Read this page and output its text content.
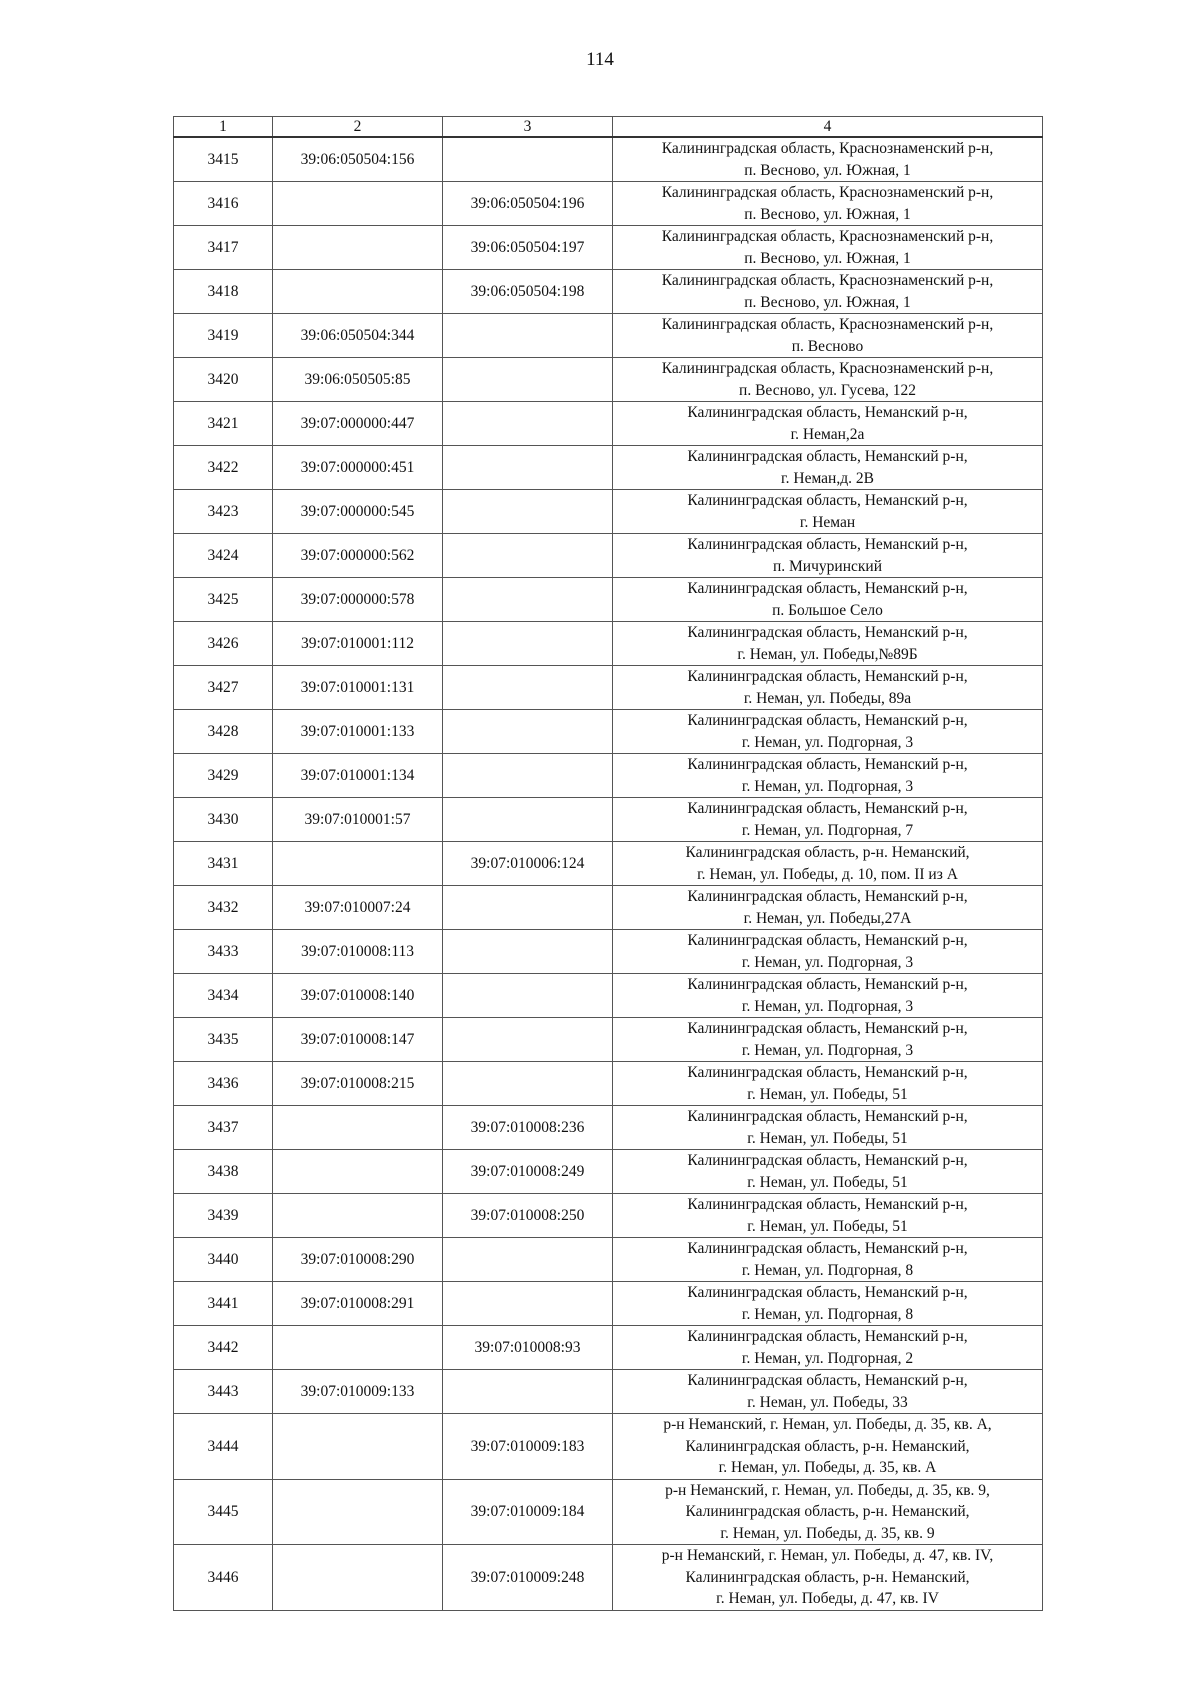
114
1	2	3	4
3415	39:06:050504:156		Калининградская область, Краснознаменский р-н,
п. Весново, ул. Южная, 1

3416		39:06:050504:196	Калининградская область, Краснознаменский р-н,
п. Весново, ул. Южная, 1

3417		39:06:050504:197	Калининградская область, Краснознаменский р-н,
п. Весново, ул. Южная, 1

3418		39:06:050504:198	Калининградская область, Краснознаменский р-н,
п. Весново, ул. Южная, 1

3419	39:06:050504:344		Калининградская область, Краснознаменский р-н,
п. Весново

3420	39:06:050505:85		Калининградская область, Краснознаменский р-н,
п. Весново, ул. Гусева, 122

3421	39:07:000000:447		Калининградская область, Неманский р-н,
г. Неман,2а

3422	39:07:000000:451		Калининградская область, Неманский р-н,
г. Неман,д. 2В

3423	39:07:000000:545		Калининградская область, Неманский р-н,
г. Неман

3424	39:07:000000:562		Калининградская область, Неманский р-н,
п. Мичуринский

3425	39:07:000000:578		Калининградская область, Неманский р-н,
п. Большое Село

3426	39:07:010001:112		Калининградская область, Неманский р-н,
г. Неман, ул. Победы,№89Б

3427	39:07:010001:131		Калининградская область, Неманский р-н,
г. Неман, ул. Победы, 89а

3428	39:07:010001:133		Калининградская область, Неманский р-н,
г. Неман, ул. Подгорная, 3

3429	39:07:010001:134		Калининградская область, Неманский р-н,
г. Неман, ул. Подгорная, 3

3430	39:07:010001:57		Калининградская область, Неманский р-н,
г. Неман, ул. Подгорная, 7

3431		39:07:010006:124	Калининградская область, р-н. Неманский,
г. Неман, ул. Победы, д. 10, пом. II из А

3432	39:07:010007:24		Калининградская область, Неманский р-н,
г. Неман, ул. Победы,27А

3433	39:07:010008:113		Калининградская область, Неманский р-н,
г. Неман, ул. Подгорная, 3

3434	39:07:010008:140		Калининградская область, Неманский р-н,
г. Неман, ул. Подгорная, 3

3435	39:07:010008:147		Калининградская область, Неманский р-н,
г. Неман, ул. Подгорная, 3

3436	39:07:010008:215		Калининградская область, Неманский р-н,
г. Неман, ул. Победы, 51

3437		39:07:010008:236	Калининградская область, Неманский р-н,
г. Неман, ул. Победы, 51

3438		39:07:010008:249	Калининградская область, Неманский р-н,
г. Неман, ул. Победы, 51

3439		39:07:010008:250	Калининградская область, Неманский р-н,
г. Неман, ул. Победы, 51

3440	39:07:010008:290		Калининградская область, Неманский р-н,
г. Неман, ул. Подгорная, 8

3441	39:07:010008:291		Калининградская область, Неманский р-н,
г. Неман, ул. Подгорная, 8

3442		39:07:010008:93	Калининградская область, Неманский р-н,
г. Неман, ул. Подгорная, 2

3443	39:07:010009:133		Калининградская область, Неманский р-н,
г. Неман, ул. Победы, 33

3444		39:07:010009:183	р-н Неманский, г. Неман, ул. Победы, д. 35, кв. А,
Калининградская область, р-н. Неманский,
г. Неман, ул. Победы, д. 35, кв. А

3445		39:07:010009:184	р-н Неманский, г. Неман, ул. Победы, д. 35, кв. 9,
Калининградская область, р-н. Неманский,
г. Неман, ул. Победы, д. 35, кв. 9

3446		39:07:010009:248	р-н Неманский, г. Неман, ул. Победы, д. 47, кв. IV,
Калининградская область, р-н. Неманский,
г. Неман, ул. Победы, д. 47, кв. IV
